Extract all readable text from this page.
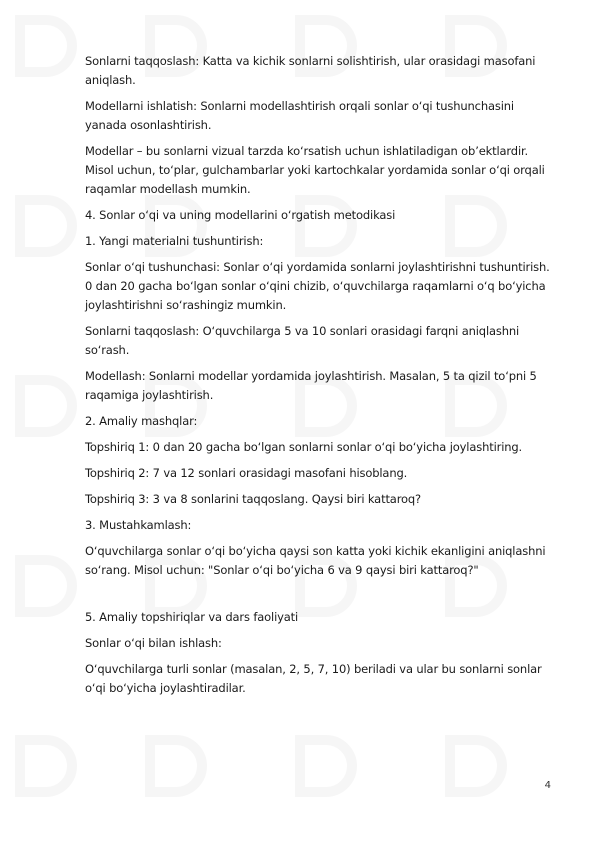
Sonlarni taqqoslash: Katta va kichik sonlarni solishtirish, ular orasidagi masofani aniqlash.

Modellarni ishlatish: Sonlarni modellashtirish orqali sonlar o‘qi tushunchasini yanada osonlashtirish.

Modellar – bu sonlarni vizual tarzda ko‘rsatish uchun ishlatiladigan ob’ektlardir. Misol uchun, to‘plar, gulchambarlar yoki kartochkalar yordamida sonlar o‘qi orqali raqamlar modellash mumkin.

4. Sonlar o‘qi va uning modellarini o‘rgatish metodikasi

1. Yangi materialni tushuntirish:

Sonlar o‘qi tushunchasi: Sonlar o‘qi yordamida sonlarni joylashtirishni tushuntirish. 0 dan 20 gacha bo‘lgan sonlar o‘qini chizib, o‘quvchilarga raqamlarni o‘q bo‘yicha joylashtirishni so‘rashingiz mumkin.

Sonlarni taqqoslash: O‘quvchilarga 5 va 10 sonlari orasidagi farqni aniqlashni so‘rash.

Modellash: Sonlarni modellar yordamida joylashtirish. Masalan, 5 ta qizil to‘pni 5 raqamiga joylashtirish.

2. Amaliy mashqlar:

Topshiriq 1: 0 dan 20 gacha bo‘lgan sonlarni sonlar o‘qi bo‘yicha joylashtiring.

Topshiriq 2: 7 va 12 sonlari orasidagi masofani hisoblang.

Topshiriq 3: 3 va 8 sonlarini taqqoslang. Qaysi biri kattaroq?

3. Mustahkamlash:

O‘quvchilarga sonlar o‘qi bo‘yicha qaysi son katta yoki kichik ekanligini aniqlashni so‘rang. Misol uchun: "Sonlar o‘qi bo‘yicha 6 va 9 qaysi biri kattaroq?"

5. Amaliy topshiriqlar va dars faoliyati

Sonlar o‘qi bilan ishlash:

O‘quvchilarga turli sonlar (masalan, 2, 5, 7, 10) beriladi va ular bu sonlarni sonlar o‘qi bo‘yicha joylashtiradilar.

4
